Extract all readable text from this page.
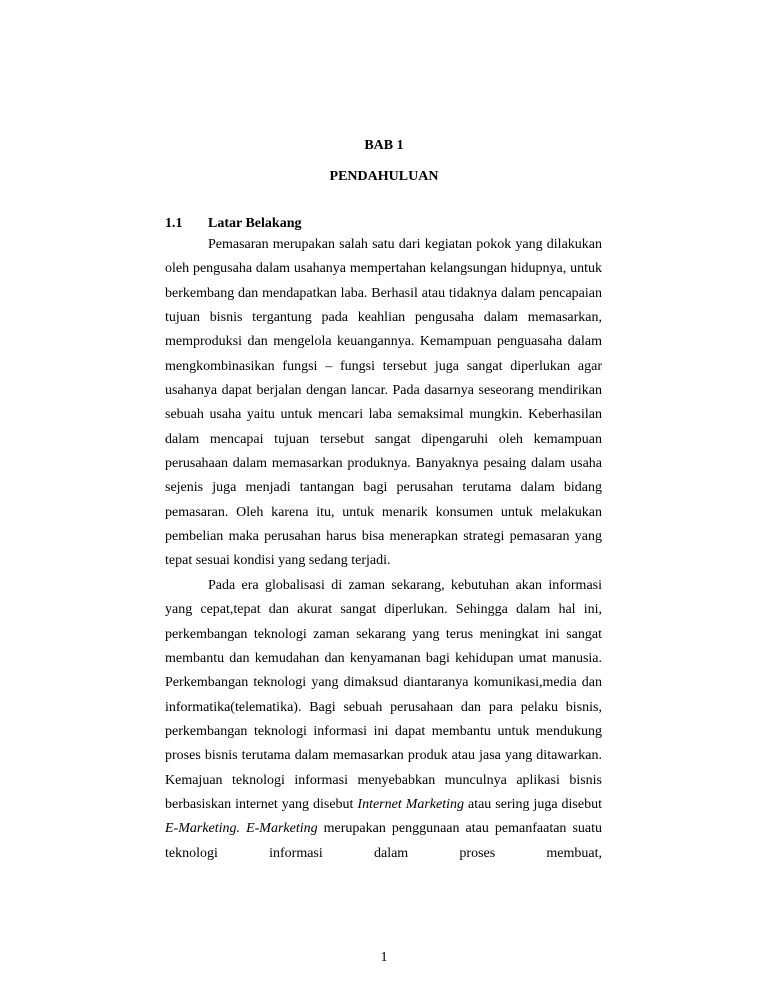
BAB 1
PENDAHULUAN
1.1 Latar Belakang

Pemasaran merupakan salah satu dari kegiatan pokok yang dilakukan oleh pengusaha dalam usahanya mempertahan kelangsungan hidupnya, untuk berkembang dan mendapatkan laba. Berhasil atau tidaknya dalam pencapaian tujuan bisnis tergantung pada keahlian pengusaha dalam memasarkan, memproduksi dan mengelola keuangannya. Kemampuan penguasaha dalam mengkombinasikan fungsi – fungsi tersebut juga sangat diperlukan agar usahanya dapat berjalan dengan lancar. Pada dasarnya seseorang mendirikan sebuah usaha yaitu untuk mencari laba semaksimal mungkin. Keberhasilan dalam mencapai tujuan tersebut sangat dipengaruhi oleh kemampuan perusahaan dalam memasarkan produknya. Banyaknya pesaing dalam usaha sejenis juga menjadi tantangan bagi perusahan terutama dalam bidang pemasaran. Oleh karena itu, untuk menarik konsumen untuk melakukan pembelian maka perusahan harus bisa menerapkan strategi pemasaran yang tepat sesuai kondisi yang sedang terjadi.

Pada era globalisasi di zaman sekarang, kebutuhan akan informasi yang cepat,tepat dan akurat sangat diperlukan. Sehingga dalam hal ini, perkembangan teknologi zaman sekarang yang terus meningkat ini sangat membantu dan kemudahan dan kenyamanan bagi kehidupan umat manusia. Perkembangan teknologi yang dimaksud diantaranya komunikasi,media dan informatika(telematika). Bagi sebuah perusahaan dan para pelaku bisnis, perkembangan teknologi informasi ini dapat membantu untuk mendukung proses bisnis terutama dalam memasarkan produk atau jasa yang ditawarkan. Kemajuan teknologi informasi menyebabkan munculnya aplikasi bisnis berbasiskan internet yang disebut Internet Marketing atau sering juga disebut E-Marketing. E-Marketing merupakan penggunaan atau pemanfaatan suatu teknologi informasi dalam proses membuat,

1
